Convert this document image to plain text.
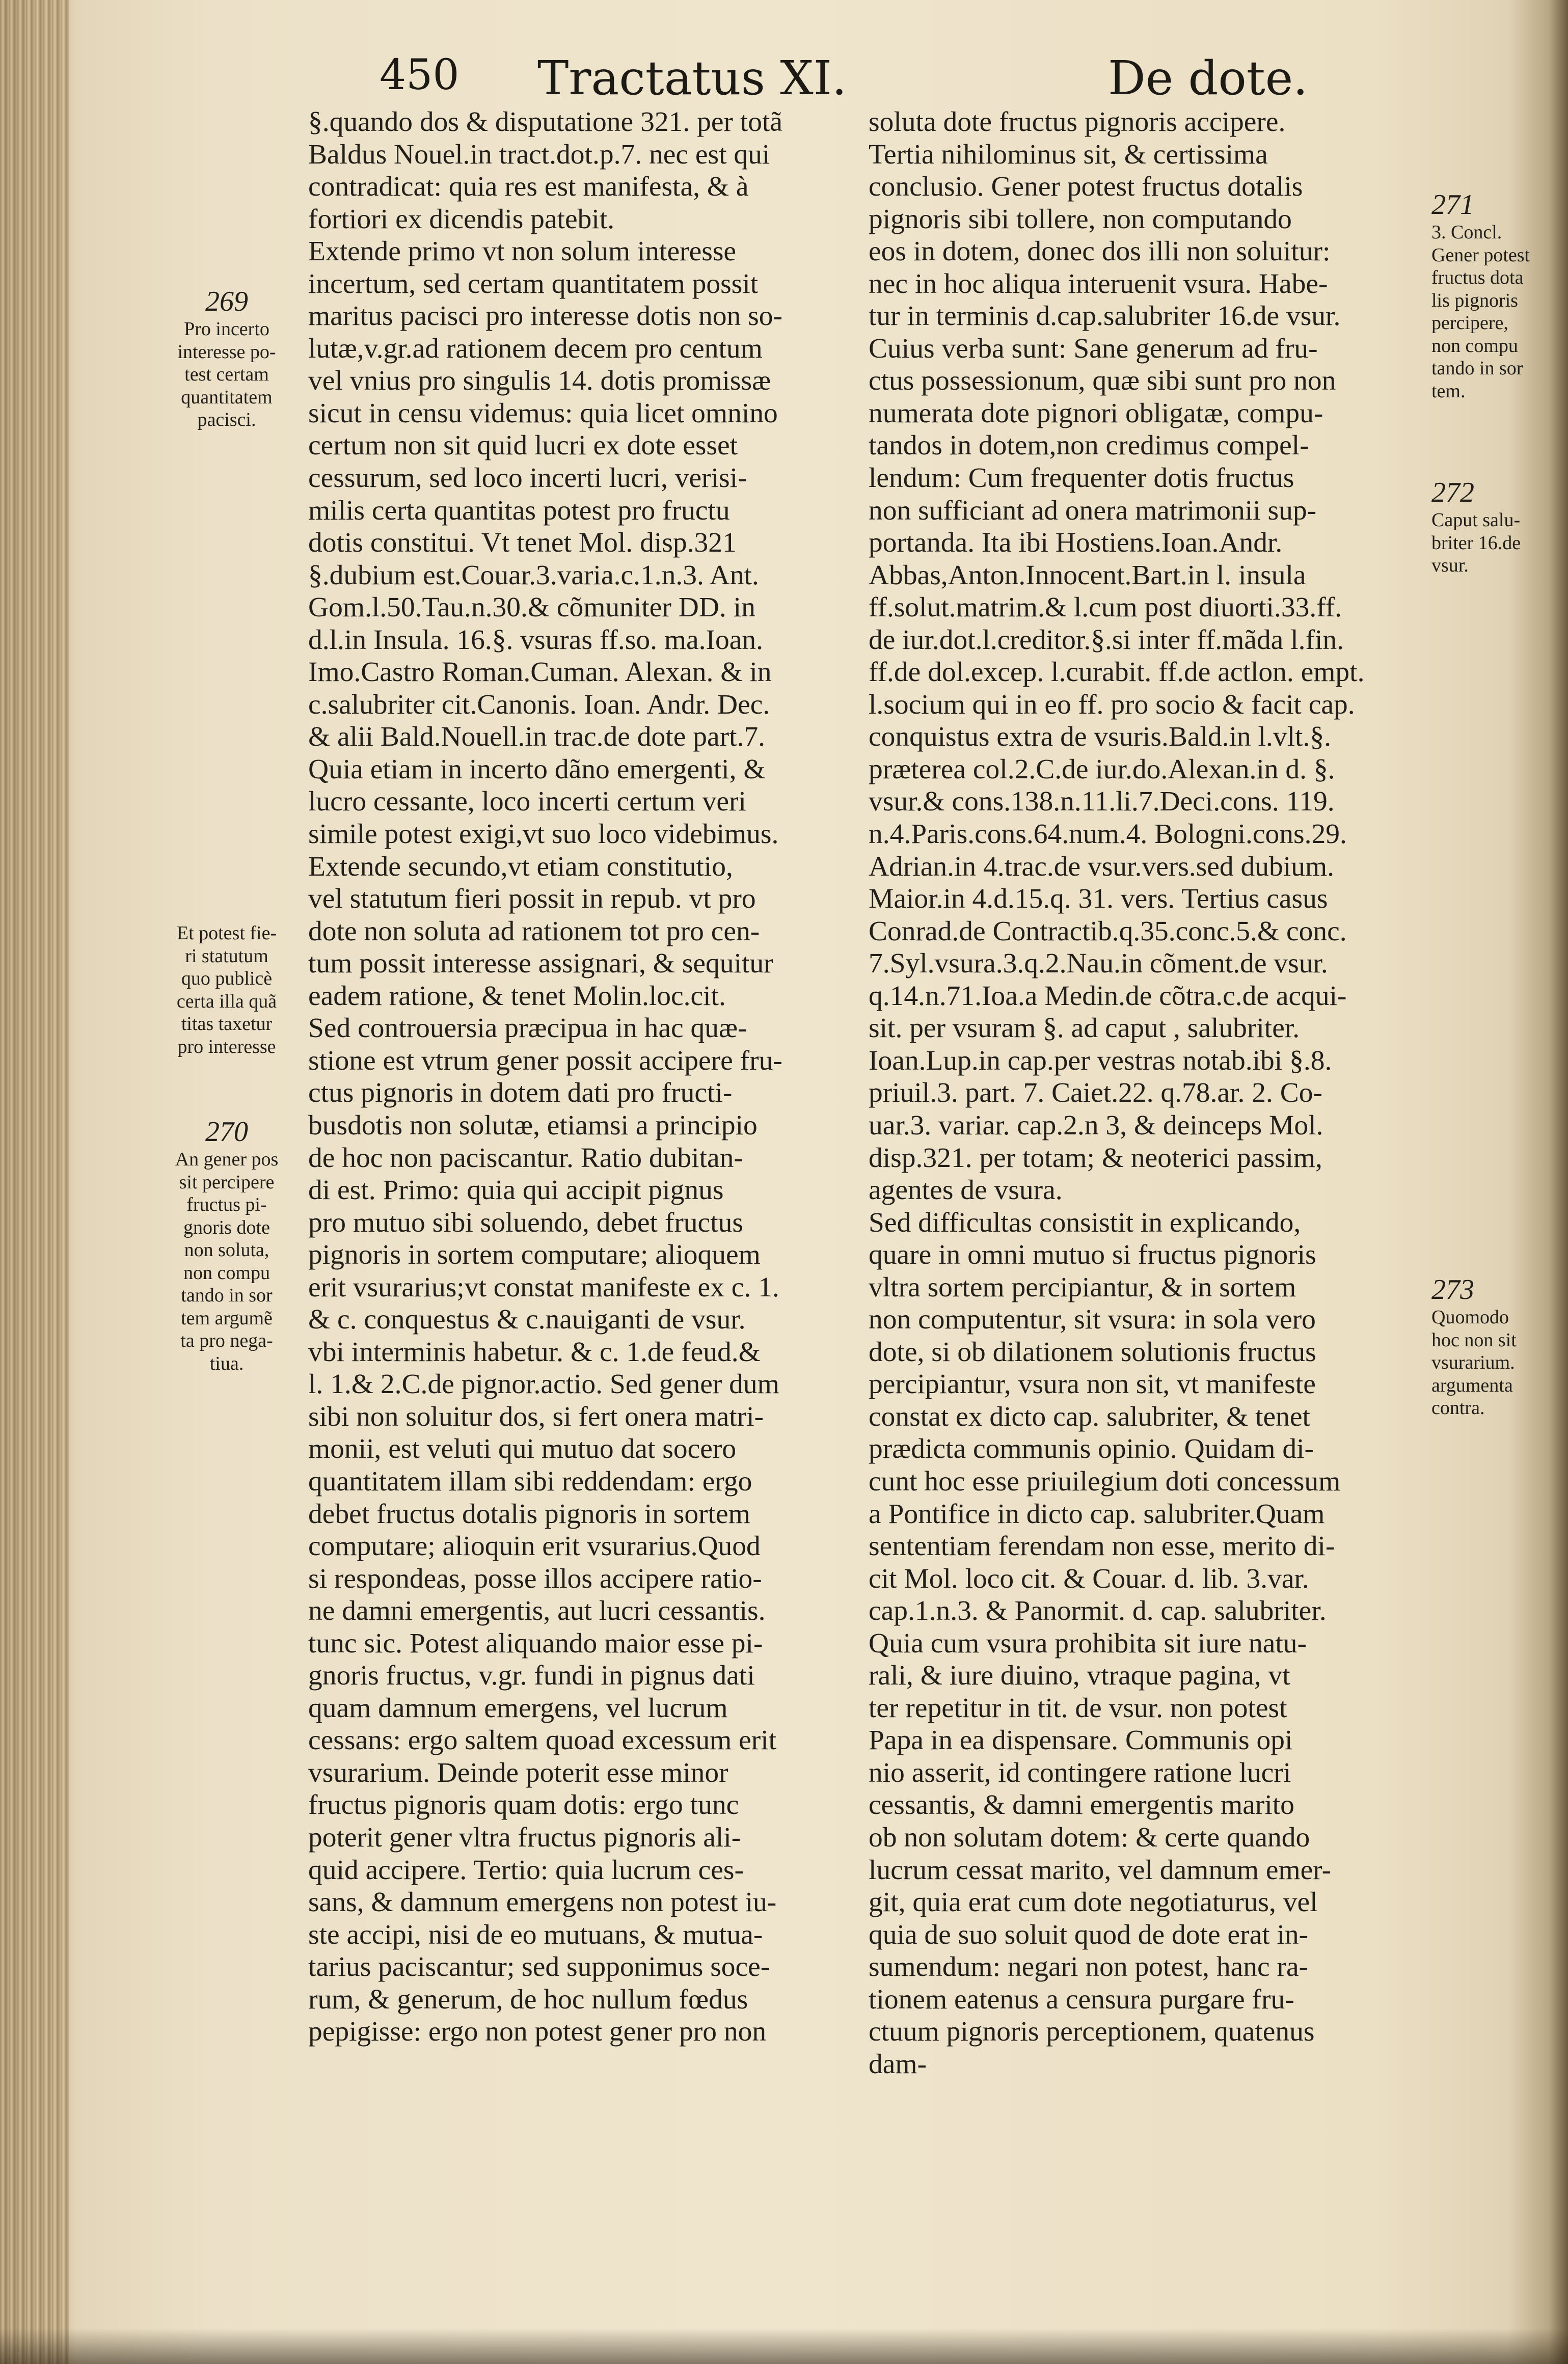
450 Tractatus XI.	De dote.
§.quando dos & disputatione 321. per totã
Baldus Nouel.in tract.dot.p.7. nec est qui
contradicat: quia res est manifesta, & à
fortiori ex dicendis patebit.
Extende primo vt non solum interesse
incertum, sed certam quantitatem possit
maritus pacisci pro interesse dotis non so-
lutæ,v.gr.ad rationem decem pro centum
vel vnius pro singulis 14. dotis promissæ
sicut in censu videmus: quia licet omnino
certum non sit quid lucri ex dote esset
cessurum, sed loco incerti lucri, verisi-
milis certa quantitas potest pro fructu
dotis constitui. Vt tenet Mol. disp.321
§.dubium est.Couar.3.varia.c.1.n.3. Ant.
Gom.l.50.Tau.n.30.& cõmuniter DD. in
d.l.in Insula. 16.§. vsuras ff.so. ma.Ioan.
Imo.Castro Roman.Cuman. Alexan. & in
c.salubriter cit.Canonis. Ioan. Andr. Dec.
& alii Bald.Nouell.in trac.de dote part.7.
Quia etiam in incerto dãno emergenti, &
lucro cessante, loco incerti certum veri
simile potest exigi,vt suo loco videbimus.
Extende secundo,vt etiam constitutio,
vel statutum fieri possit in repub. vt pro
dote non soluta ad rationem tot pro cen-
tum possit interesse assignari, & sequitur
eadem ratione, & tenet Molin.loc.cit.
Sed controuersia præcipua in hac quæ-
stione est vtrum gener possit accipere fru-
ctus pignoris in dotem dati pro fructi-
busdotis non solutæ, etiamsi a principio
de hoc non paciscantur. Ratio dubitan-
di est. Primo: quia qui accipit pignus
pro mutuo sibi soluendo, debet fructus
pignoris in sortem computare; alioquem
erit vsurarius;vt constat manifeste ex c. 1.
& c. conquestus & c.nauiganti de vsur.
vbi interminis habetur. & c. 1.de feud.&
l. 1.& 2.C.de pignor.actio. Sed gener dum
sibi non soluitur dos, si fert onera matri-
monii, est veluti qui mutuo dat socero
quantitatem illam sibi reddendam: ergo
debet fructus dotalis pignoris in sortem
computare; alioquin erit vsurarius.Quod
si respondeas, posse illos accipere ratio-
ne damni emergentis, aut lucri cessantis.
tunc sic. Potest aliquando maior esse pi-
gnoris fructus, v.gr. fundi in pignus dati
quam damnum emergens, vel lucrum
cessans: ergo saltem quoad excessum erit
vsurarium. Deinde poterit esse minor
fructus pignoris quam dotis: ergo tunc
poterit gener vltra fructus pignoris ali-
quid accipere. Tertio: quia lucrum ces-
sans, & damnum emergens non potest iu-
ste accipi, nisi de eo mutuans, & mutua-
tarius paciscantur; sed supponimus soce-
rum, & generum, de hoc nullum fœdus
pepigisse: ergo non potest gener pro non
soluta dote fructus pignoris accipere.
Tertia nihilominus sit, & certissima
conclusio. Gener potest fructus dotalis
pignoris sibi tollere, non computando
eos in dotem, donec dos illi non soluitur:
nec in hoc aliqua interuenit vsura. Habe-
tur in terminis d.cap.salubriter 16.de vsur.
Cuius verba sunt: Sane generum ad fru-
ctus possessionum, quæ sibi sunt pro non
numerata dote pignori obligatæ, compu-
tandos in dotem,non credimus compel-
lendum: Cum frequenter dotis fructus
non sufficiant ad onera matrimonii sup-
portanda. Ita ibi Hostiens.Ioan.Andr.
Abbas,Anton.Innocent.Bart.in l. insula
ff.solut.matrim.& l.cum post diuorti.33.ff.
de iur.dot.l.creditor.§.si inter ff.mãda l.fin.
ff.de dol.excep. l.curabit. ff.de actlon. empt.
l.socium qui in eo ff. pro socio & facit cap.
conquistus extra de vsuris.Bald.in l.vlt.§.
præterea col.2.C.de iur.do.Alexan.in d. §.
vsur.& cons.138.n.11.li.7.Deci.cons. 119.
n.4.Paris.cons.64.num.4. Bologni.cons.29.
Adrian.in 4.trac.de vsur.vers.sed dubium.
Maior.in 4.d.15.q. 31. vers. Tertius casus
Conrad.de Contractib.q.35.conc.5.& conc.
7.Syl.vsura.3.q.2.Nau.in cõment.de vsur.
q.14.n.71.Ioa.a Medin.de cõtra.c.de acqui-
sit. per vsuram §. ad caput , salubriter.
Ioan.Lup.in cap.per vestras notab.ibi §.8.
priuil.3. part. 7. Caiet.22. q.78.ar. 2. Co-
uar.3. variar. cap.2.n 3, & deinceps Mol.
disp.321. per totam; & neoterici passim,
agentes de vsura.
Sed difficultas consistit in explicando,
quare in omni mutuo si fructus pignoris
vltra sortem percipiantur, & in sortem
non computentur, sit vsura: in sola vero
dote, si ob dilationem solutionis fructus
percipiantur, vsura non sit, vt manifeste
constat ex dicto cap. salubriter, & tenet
prædicta communis opinio. Quidam di-
cunt hoc esse priuilegium doti concessum
a Pontifice in dicto cap. salubriter.Quam
sententiam ferendam non esse, merito di-
cit Mol. loco cit. & Couar. d. lib. 3.var.
cap.1.n.3. & Panormit. d. cap. salubriter.
Quia cum vsura prohibita sit iure natu-
rali, & iure diuino, vtraque pagina, vt
ter repetitur in tit. de vsur. non potest
Papa in ea dispensare. Communis opi
nio asserit, id contingere ratione lucri
cessantis, & damni emergentis marito
ob non solutam dotem: & certe quando
lucrum cessat marito, vel damnum emer-
git, quia erat cum dote negotiaturus, vel
quia de suo soluit quod de dote erat in-
sumendum: negari non potest, hanc ra-
tionem eatenus a censura purgare fru-
ctuum pignoris perceptionem, quatenus
dam-
269
Pro incerto
interesse po-
test certam
quantitatem
pacisci.
Et potest fie-
ri statutum
quo publicè
certa illa quã
titas taxetur
pro interesse
270
An gener pos
sit percipere
fructus pi-
gnoris dote
non soluta,
non compu
tando in sor
tem argumẽ
ta pro nega-
tiua.
271
3. Concl.
Gener potest
fructus dota
lis pignoris
percipere,
non compu
tando in sor
tem.
272
Caput salu-
briter 16.de
vsur.
273
Quomodo
hoc non sit
vsurarium.
argumenta
contra.
